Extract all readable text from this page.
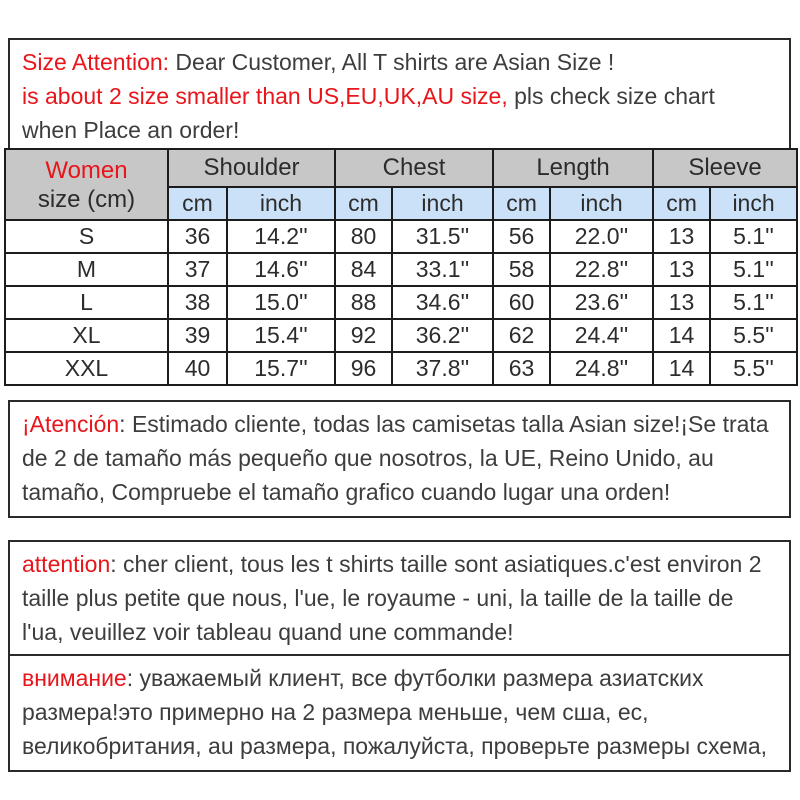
Size Attention: Dear Customer, All T shirts are Asian Size !

is about 2 size smaller than US,EU,UK,AU size, pls check size chart

when Place an order!

Women
size (cm)	Shoulder		Chest		Length		Sleeve	
	cm	inch	cm	inch	cm	inch	cm	inch
S	36	14.2''	80	31.5''	56	22.0''	13	5.1''
M	37	14.6''	84	33.1''	58	22.8''	13	5.1''
L	38	15.0''	88	34.6''	60	23.6''	13	5.1''
XL	39	15.4''	92	36.2''	62	24.4''	14	5.5''
XXL	40	15.7''	96	37.8''	63	24.8''	14	5.5''

¡Atención: Estimado cliente, todas las camisetas talla Asian size!¡Se trata de 2 de tamaño más pequeño que nosotros, la UE, Reino Unido, au tamaño, Compruebe el tamaño grafico cuando lugar una orden!

attention: cher client, tous les t shirts taille sont asiatiques.c'est environ 2 taille plus petite que nous, l'ue, le royaume - uni, la taille de la taille de l'ua, veuillez voir tableau quand une commande!

внимание: уважаемый клиент, все футболки размера азиатских размера!это примерно на 2 размера меньше, чем сша, ес, великобритания, au размера, пожалуйста, проверьте размеры схема,
